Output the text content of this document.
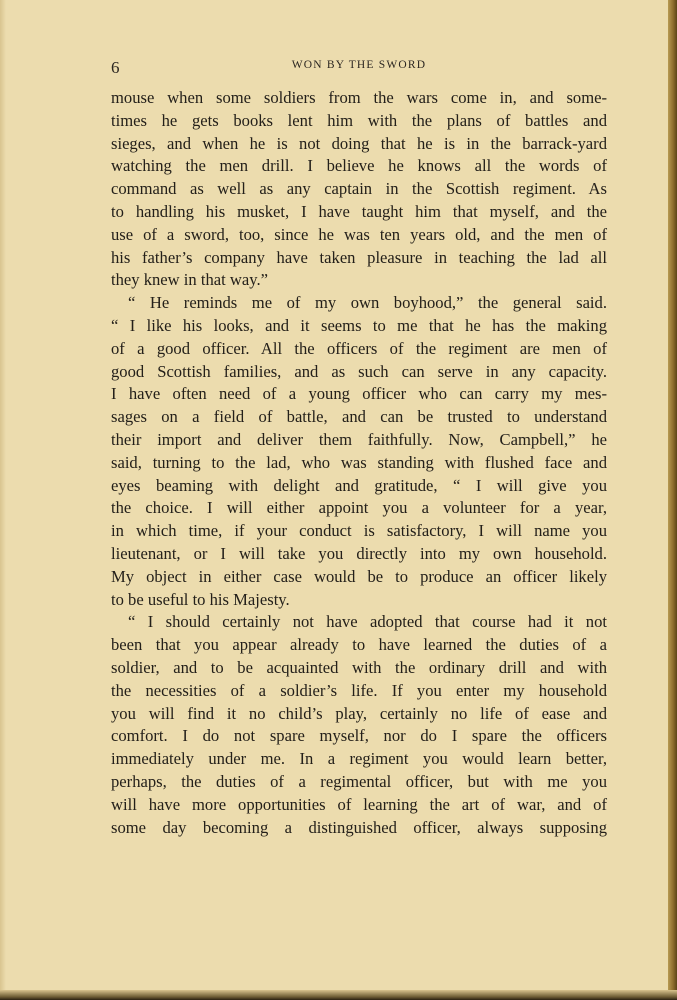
6	WON BY THE SWORD
mouse when some soldiers from the wars come in, and some-
times he gets books lent him with the plans of battles and
sieges, and when he is not doing that he is in the barrack-yard
watching the men drill. I believe he knows all the words of
command as well as any captain in the Scottish regiment. As
to handling his musket, I have taught him that myself, and the
use of a sword, too, since he was ten years old, and the men of
his father’s company have taken pleasure in teaching the lad all
they knew in that way.”
“ He reminds me of my own boyhood,” the general said.
“ I like his looks, and it seems to me that he has the making
of a good officer. All the officers of the regiment are men of
good Scottish families, and as such can serve in any capacity.
I have often need of a young officer who can carry my mes-
sages on a field of battle, and can be trusted to understand
their import and deliver them faithfully. Now, Campbell,” he
said, turning to the lad, who was standing with flushed face and
eyes beaming with delight and gratitude, “ I will give you
the choice. I will either appoint you a volunteer for a year,
in which time, if your conduct is satisfactory, I will name you
lieutenant, or I will take you directly into my own household.
My object in either case would be to produce an officer likely
to be useful to his Majesty.
“ I should certainly not have adopted that course had it not
been that you appear already to have learned the duties of a
soldier, and to be acquainted with the ordinary drill and with
the necessities of a soldier’s life. If you enter my household
you will find it no child’s play, certainly no life of ease and
comfort. I do not spare myself, nor do I spare the officers
immediately under me. In a regiment you would learn better,
perhaps, the duties of a regimental officer, but with me you
will have more opportunities of learning the art of war, and of
some day becoming a distinguished officer, always supposing
